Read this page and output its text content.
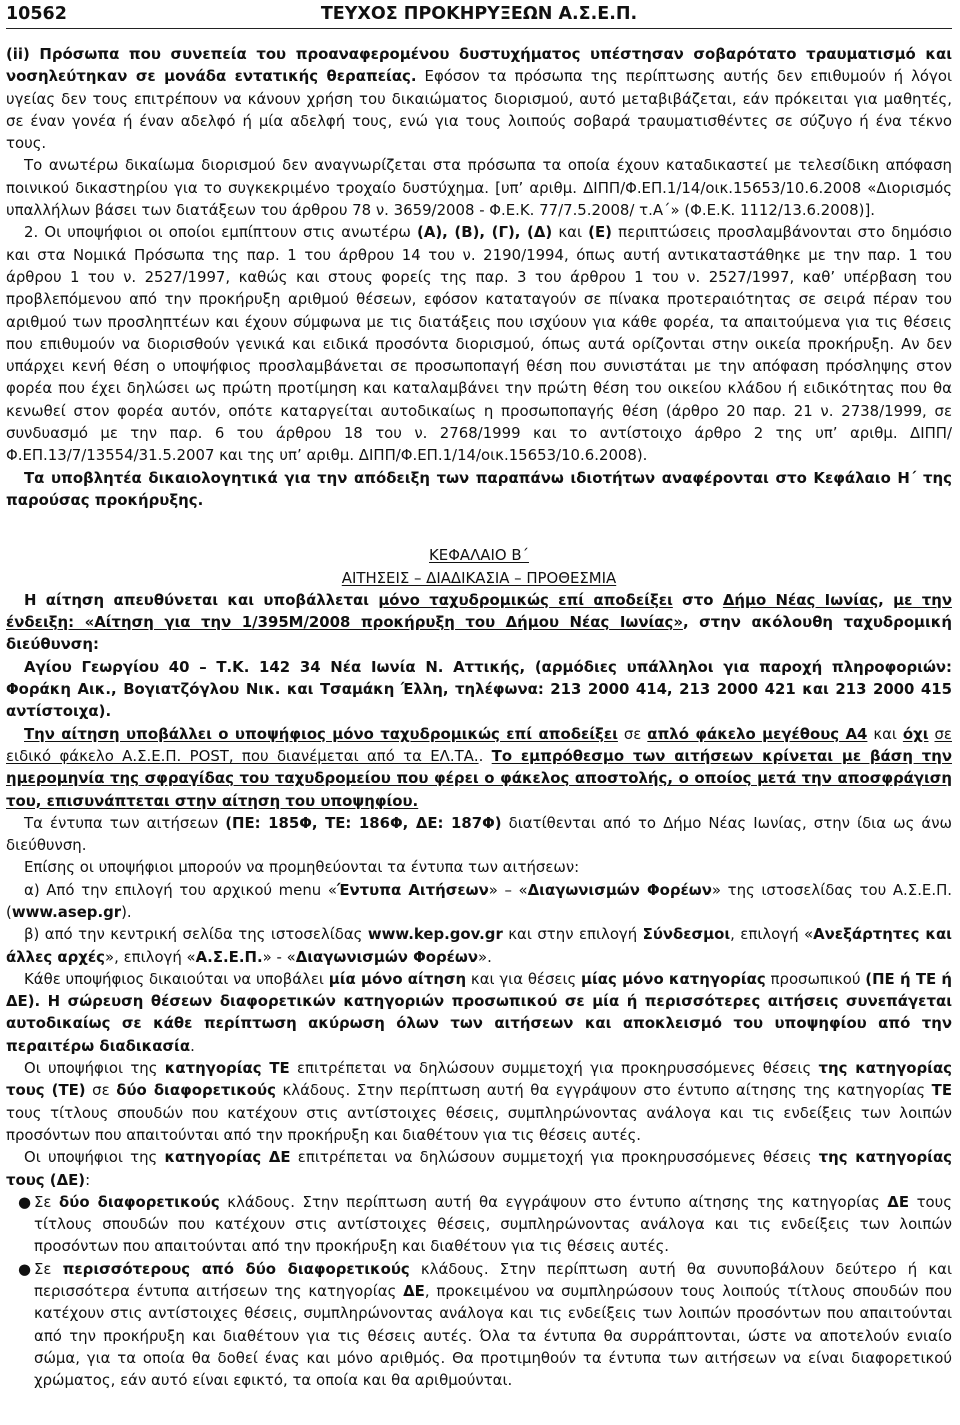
10562	ΤΕΥΧΟΣ ΠΡΟΚΗΡΥΞΕΩΝ Α.Σ.Ε.Π.

(ii) Πρόσωπα που συνεπεία του προαναφερομένου δυστυχήματος υπέστησαν σοβαρότατο τραυματισμό και νοσηλεύτηκαν σε μονάδα εντατικής θεραπείας. Εφόσον τα πρόσωπα της περίπτωσης αυτής δεν επιθυμούν ή λόγοι υγείας δεν τους επιτρέπουν να κάνουν χρήση του δικαιώματος διορισμού, αυτό μεταβιβάζεται, εάν πρόκειται για μαθητές, σε έναν γονέα ή έναν αδελφό ή μία αδελφή τους, ενώ για τους λοιπούς σοβαρά τραυματισθέντες σε σύζυγο ή ένα τέκνο τους.

Το ανωτέρω δικαίωμα διορισμού δεν αναγνωρίζεται στα πρόσωπα τα οποία έχουν καταδικαστεί με τελεσίδικη απόφαση ποινικού δικαστηρίου για το συγκεκριμένο τροχαίο δυστύχημα. [υπ’ αριθμ. ΔΙΠΠ/Φ.ΕΠ.1/14/οικ.15653/10.6.2008 «Διορισμός υπαλλήλων βάσει των διατάξεων του άρθρου 78 ν. 3659/2008 - Φ.Ε.Κ. 77/7.5.2008/ τ.Α΄» (Φ.Ε.Κ. 1112/13.6.2008)].

2. Οι υποψήφιοι οι οποίοι εμπίπτουν στις ανωτέρω (Α), (Β), (Γ), (Δ) και (Ε) περιπτώσεις προσλαμβάνονται στο δημόσιο και στα Νομικά Πρόσωπα της παρ. 1 του άρθρου 14 του ν. 2190/1994, όπως αυτή αντικαταστάθηκε με την παρ. 1 του άρθρου 1 του ν. 2527/1997, καθώς και στους φορείς της παρ. 3 του άρθρου 1 του ν. 2527/1997, καθ’ υπέρβαση του προβλεπόμενου από την προκήρυξη αριθμού θέσεων, εφόσον καταταγούν σε πίνακα προτεραιότητας σε σειρά πέραν του αριθμού των προσληπτέων και έχουν σύμφωνα με τις διατάξεις που ισχύουν για κάθε φορέα, τα απαιτούμενα για τις θέσεις που επιθυμούν να διορισθούν γενικά και ειδικά προσόντα διορισμού, όπως αυτά ορίζονται στην οικεία προκήρυξη. Αν δεν υπάρχει κενή θέση ο υποψήφιος προσλαμβάνεται σε προσωποπαγή θέση που συνιστάται με την απόφαση πρόσληψης στον φορέα που έχει δηλώσει ως πρώτη προτίμηση και καταλαμβάνει την πρώτη θέση του οικείου κλάδου ή ειδικότητας που θα κενωθεί στον φορέα αυτόν, οπότε καταργείται αυτοδικαίως η προσωποπαγής θέση (άρθρο 20 παρ. 21 ν. 2738/1999, σε συνδυασμό με την παρ. 6 του άρθρου 18 του ν. 2768/1999 και το αντίστοιχο άρθρο 2 της υπ’ αριθμ. ΔΙΠΠ/Φ.ΕΠ.13/7/13554/31.5.2007 και της υπ’ αριθμ. ΔΙΠΠ/Φ.ΕΠ.1/14/οικ.15653/10.6.2008).

Τα υποβλητέα δικαιολογητικά για την απόδειξη των παραπάνω ιδιοτήτων αναφέρονται στο Κεφάλαιο Η΄ της παρούσας προκήρυξης.

ΚΕΦΑΛΑΙΟ Β΄

ΑΙΤΗΣΕΙΣ – ΔΙΑΔΙΚΑΣΙΑ – ΠΡΟΘΕΣΜΙΑ

Η αίτηση απευθύνεται και υποβάλλεται μόνο ταχυδρομικώς επί αποδείξει στο Δήμο Νέας Ιωνίας, με την ένδειξη: «Αίτηση για την 1/395Μ/2008 προκήρυξη του Δήμου Νέας Ιωνίας», στην ακόλουθη ταχυδρομική διεύθυνση:

Αγίου Γεωργίου 40 – Τ.Κ. 142 34 Νέα Ιωνία Ν. Αττικής, (αρμόδιες υπάλληλοι για παροχή πληροφοριών: Φοράκη Αικ., Βογιατζόγλου Νικ. και Τσαμάκη Έλλη, τηλέφωνα: 213 2000 414, 213 2000 421 και 213 2000 415 αντίστοιχα).

Την αίτηση υποβάλλει ο υποψήφιος μόνο ταχυδρομικώς επί αποδείξει σε απλό φάκελο μεγέθους Α4 και όχι σε ειδικό φάκελο Α.Σ.Ε.Π. POST, που διανέμεται από τα ΕΛ.ΤΑ.. Το εμπρόθεσμο των αιτήσεων κρίνεται με βάση την ημερομηνία της σφραγίδας του ταχυδρομείου που φέρει ο φάκελος αποστολής, ο οποίος μετά την αποσφράγιση του, επισυνάπτεται στην αίτηση του υποψηφίου.

Τα έντυπα των αιτήσεων (ΠΕ: 185Φ, ΤΕ: 186Φ, ΔΕ: 187Φ) διατίθενται από το Δήμο Νέας Ιωνίας, στην ίδια ως άνω διεύθυνση.

Επίσης οι υποψήφιοι μπορούν να προμηθεύονται τα έντυπα των αιτήσεων:

α) Από την επιλογή του αρχικού menu «Έντυπα Αιτήσεων» – «Διαγωνισμών Φορέων» της ιστοσελίδας του Α.Σ.Ε.Π. (www.asep.gr).

β) από την κεντρική σελίδα της ιστοσελίδας www.kep.gov.gr και στην επιλογή Σύνδεσμοι, επιλογή «Ανεξάρτητες και άλλες αρχές», επιλογή «Α.Σ.Ε.Π.» - «Διαγωνισμών Φορέων».

Κάθε υποψήφιος δικαιούται να υποβάλει μία μόνο αίτηση και για θέσεις μίας μόνο κατηγορίας προσωπικού (ΠΕ ή ΤΕ ή ΔΕ). Η σώρευση θέσεων διαφορετικών κατηγοριών προσωπικού σε μία ή περισσότερες αιτήσεις συνεπάγεται αυτοδικαίως σε κάθε περίπτωση ακύρωση όλων των αιτήσεων και αποκλεισμό του υποψηφίου από την περαιτέρω διαδικασία.

Οι υποψήφιοι της κατηγορίας ΤΕ επιτρέπεται να δηλώσουν συμμετοχή για προκηρυσσόμενες θέσεις της κατηγορίας τους (ΤΕ) σε δύο διαφορετικούς κλάδους. Στην περίπτωση αυτή θα εγγράψουν στο έντυπο αίτησης της κατηγορίας ΤΕ τους τίτλους σπουδών που κατέχουν στις αντίστοιχες θέσεις, συμπληρώνοντας ανάλογα και τις ενδείξεις των λοιπών προσόντων που απαιτούνται από την προκήρυξη και διαθέτουν για τις θέσεις αυτές.

Οι υποψήφιοι της κατηγορίας ΔΕ επιτρέπεται να δηλώσουν συμμετοχή για προκηρυσσόμενες θέσεις της κατηγορίας τους (ΔΕ):

● Σε δύο διαφορετικούς κλάδους. Στην περίπτωση αυτή θα εγγράψουν στο έντυπο αίτησης της κατηγορίας ΔΕ τους τίτλους σπουδών που κατέχουν στις αντίστοιχες θέσεις, συμπληρώνοντας ανάλογα και τις ενδείξεις των λοιπών προσόντων που απαιτούνται από την προκήρυξη και διαθέτουν για τις θέσεις αυτές.

● Σε περισσότερους από δύο διαφορετικούς κλάδους. Στην περίπτωση αυτή θα συνυποβάλουν δεύτερο ή και περισσότερα έντυπα αιτήσεων της κατηγορίας ΔΕ, προκειμένου να συμπληρώσουν τους λοιπούς τίτλους σπουδών που κατέχουν στις αντίστοιχες θέσεις, συμπληρώνοντας ανάλογα και τις ενδείξεις των λοιπών προσόντων που απαιτούνται από την προκήρυξη και διαθέτουν για τις θέσεις αυτές. Όλα τα έντυπα θα συρράπτονται, ώστε να αποτελούν ενιαίο σώμα, για τα οποία θα δοθεί ένας και μόνο αριθμός. Θα προτιμηθούν τα έντυπα των αιτήσεων να είναι διαφορετικού χρώματος, εάν αυτό είναι εφικτό, τα οποία και θα αριθμούνται.
